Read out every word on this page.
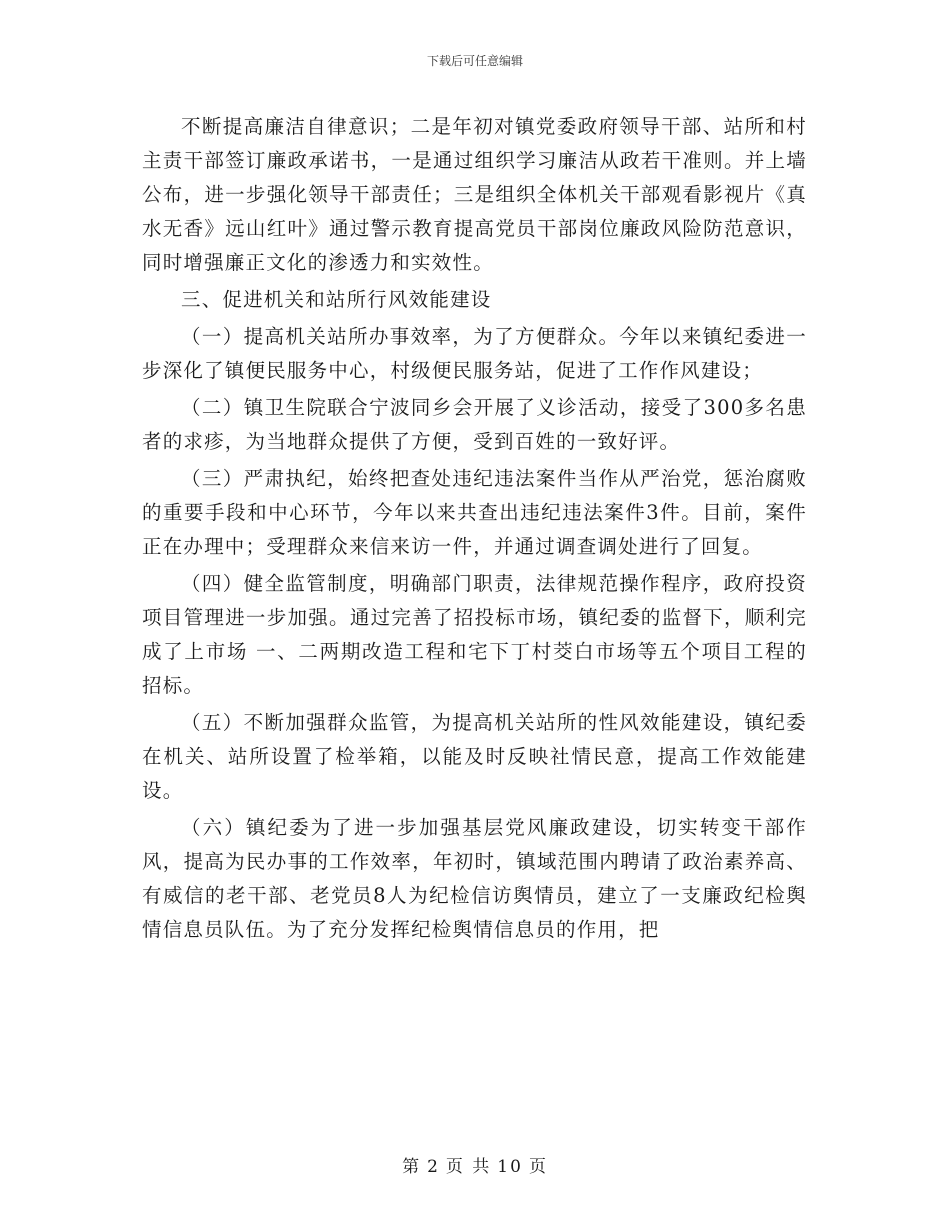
下载后可任意编辑

不断提高廉洁自律意识；二是年初对镇党委政府领导干部、站所和村主责干部签订廉政承诺书，一是通过组织学习廉洁从政若干准则。并上墙公布，进一步强化领导干部责任；三是组织全体机关干部观看影视片《真水无香》远山红叶》通过警示教育提高党员干部岗位廉政风险防范意识，同时增强廉正文化的渗透力和实效性。

三、促进机关和站所行风效能建设

（一）提高机关站所办事效率，为了方便群众。今年以来镇纪委进一步深化了镇便民服务中心，村级便民服务站，促进了工作作风建设；

（二）镇卫生院联合宁波同乡会开展了义诊活动，接受了300多名患者的求疹，为当地群众提供了方便，受到百姓的一致好评。

（三）严肃执纪，始终把查处违纪违法案件当作从严治党，惩治腐败的重要手段和中心环节，今年以来共查出违纪违法案件3件。目前，案件正在办理中；受理群众来信来访一件，并通过调查调处进行了回复。

（四）健全监管制度，明确部门职责，法律规范操作程序，政府投资项目管理进一步加强。通过完善了招投标市场，镇纪委的监督下，顺利完成了上市场 一、二两期改造工程和宅下丁村茭白市场等五个项目工程的招标。

（五）不断加强群众监管，为提高机关站所的性风效能建设，镇纪委在机关、站所设置了检举箱，以能及时反映社情民意，提高工作效能建设。

（六）镇纪委为了进一步加强基层党风廉政建设，切实转变干部作风，提高为民办事的工作效率，年初时，镇域范围内聘请了政治素养高、有威信的老干部、老党员8人为纪检信访舆情员，建立了一支廉政纪检舆情信息员队伍。为了充分发挥纪检舆情信息员的作用，把

第 2 页 共 10 页
